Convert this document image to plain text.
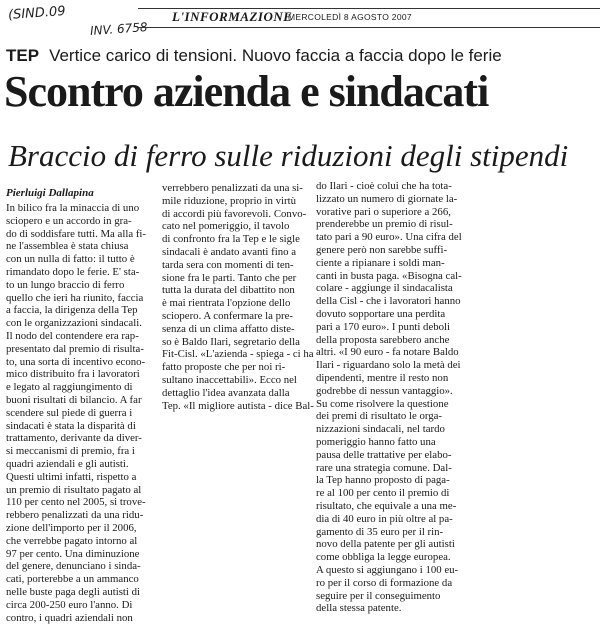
(SIND.09
INV. 6758
L'INFORMAZIONE
MERCOLEDÌ 8 AGOSTO 2007
TEP Vertice carico di tensioni. Nuovo faccia a faccia dopo le ferie
Scontro azienda e sindacati
Braccio di ferro sulle riduzioni degli stipendi
Pierluigi Dallapina
In bilico fra la minaccia di uno
sciopero e un accordo in gra-
do di soddisfare tutti. Ma alla fi-
ne l'assemblea è stata chiusa
con un nulla di fatto: il tutto è
rimandato dopo le ferie. E' sta-
to un lungo braccio di ferro
quello che ieri ha riunito, faccia
a faccia, la dirigenza della Tep
con le organizzazioni sindacali.
Il nodo del contendere era rap-
presentato dal premio di risulta-
to, una sorta di incentivo econo-
mico distribuito fra i lavoratori
e legato al raggiungimento di
buoni risultati di bilancio. A far
scendere sul piede di guerra i
sindacati è stata la disparità di
trattamento, derivante da diver-
si meccanismi di premio, fra i
quadri aziendali e gli autisti.
Questi ultimi infatti, rispetto a
un premio di risultato pagato al
110 per cento nel 2005, si trove-
rebbero penalizzati da una ridu-
zione dell'importo per il 2006,
che verrebbe pagato intorno al
97 per cento. Una diminuzione
del genere, denunciano i sinda-
cati, porterebbe a un ammanco
nelle buste paga degli autisti di
circa 200-250 euro l'anno. Di
contro, i quadri aziendali non
verrebbero penalizzati da una si-
mile riduzione, proprio in virtù
di accordi più favorevoli. Convo-
cato nel pomeriggio, il tavolo
di confronto fra la Tep e le sigle
sindacali è andato avanti fino a
tarda sera con momenti di ten-
sione fra le parti. Tanto che per
tutta la durata del dibattito non
è mai rientrata l'opzione dello
sciopero. A confermare la pre-
senza di un clima affatto diste-
so è Baldo Ilari, segretario della
Fit-Cisl. «L'azienda - spiega - ci ha
fatto proposte che per noi ri-
sultano inaccettabili». Ecco nel
dettaglio l'idea avanzata dalla
Tep. «Il migliore autista - dice Bal-
do Ilari - cioè colui che ha tota-
lizzato un numero di giornate la-
vorative pari o superiore a 266,
prenderebbe un premio di risul-
tato pari a 90 euro». Una cifra del
genere però non sarebbe suffi-
ciente a ripianare i soldi man-
canti in busta paga. «Bisogna cal-
colare - aggiunge il sindacalista
della Cisl - che i lavoratori hanno
dovuto sopportare una perdita
pari a 170 euro». I punti deboli
della proposta sarebbero anche
altri. «I 90 euro - fa notare Baldo
Ilari - riguardano solo la metà dei
dipendenti, mentre il resto non
godrebbe di nessun vantaggio».
Su come risolvere la questione
dei premi di risultato le orga-
nizzazioni sindacali, nel tardo
pomeriggio hanno fatto una
pausa delle trattative per elabo-
rare una strategia comune. Dal-
la Tep hanno proposto di paga-
re al 100 per cento il premio di
risultato, che equivale a una me-
dia di 40 euro in più oltre al pa-
gamento di 35 euro per il rin-
novo della patente per gli autisti
come obbliga la legge europea.
A questo si aggiungano i 100 eu-
ro per il corso di formazione da
seguire per il conseguimento
della stessa patente.
